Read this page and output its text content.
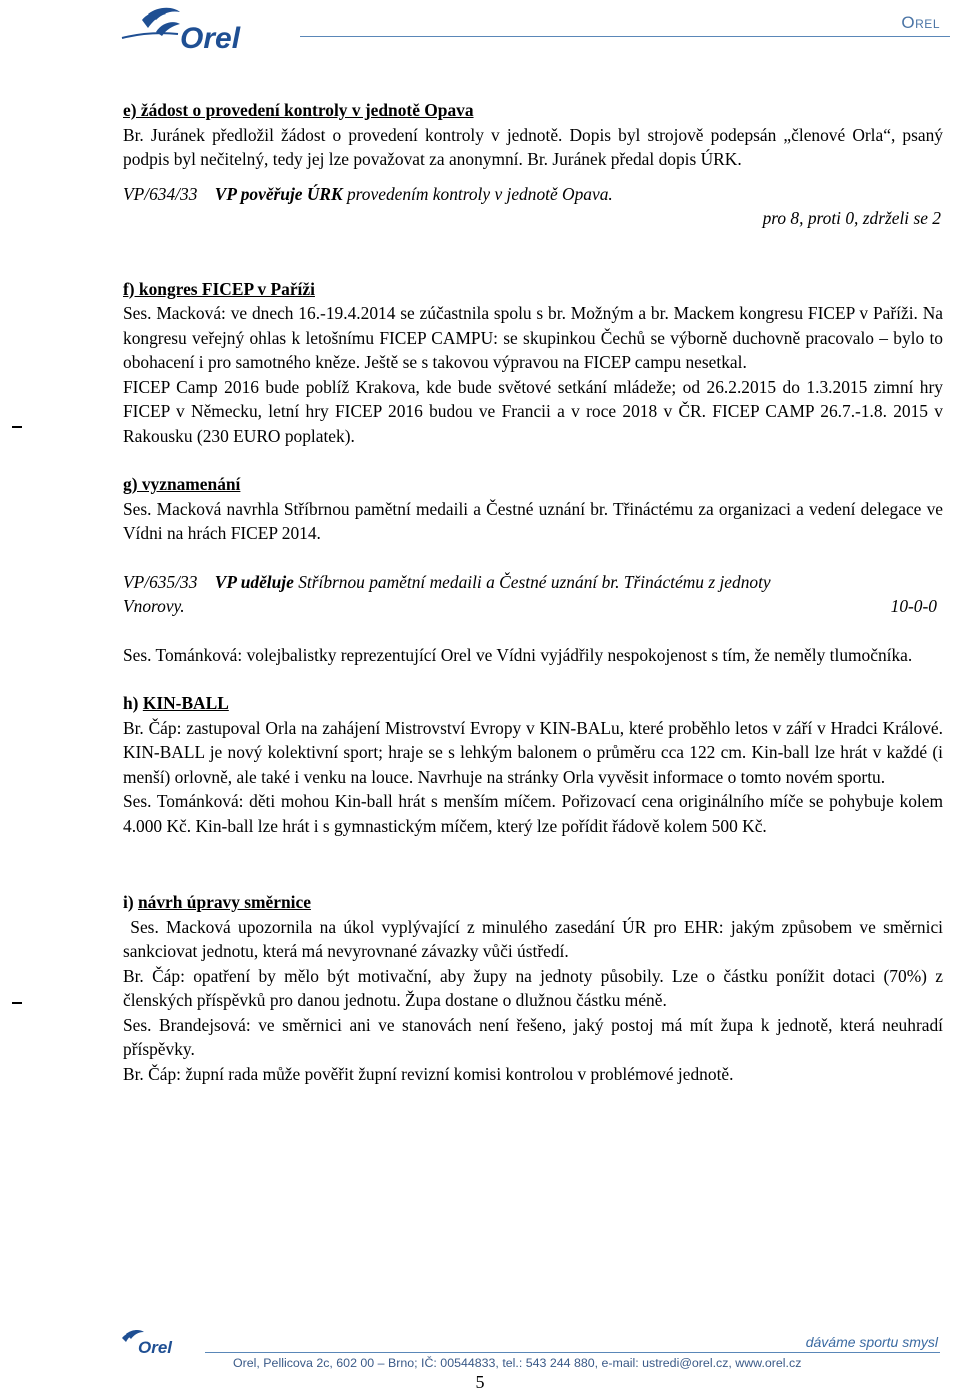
Orel	Orel

e) žádost o provedení kontroly v jednotě Opava

Br. Juránek předložil žádost o provedení kontroly v jednotě. Dopis byl strojově podepsán „členové Orla“, psaný podpis byl nečitelný, tedy jej lze považovat za anonymní. Br. Juránek předal dopis ÚRK.

VP/634/33 VP pověřuje ÚRK provedením kontroly v jednotě Opava.

pro 8, proti 0, zdrželi se 2

f) kongres FICEP v Paříži

Ses. Macková: ve dnech 16.-19.4.2014 se zúčastnila spolu s br. Možným a br. Mackem kongresu FICEP v Paříži. Na kongresu veřejný ohlas k letošnímu FICEP CAMPU: se skupinkou Čechů se výborně duchovně pracovalo – bylo to obohacení i pro samotného kněze. Ještě se s takovou výpravou na FICEP campu nesetkal.

FICEP Camp 2016 bude poblíž Krakova, kde bude světové setkání mládeže; od 26.2.2015 do 1.3.2015 zimní hry FICEP v Německu, letní hry FICEP 2016 budou ve Francii a v roce 2018 v ČR. FICEP CAMP 26.7.-1.8. 2015 v Rakousku (230 EURO poplatek).

g) vyznamenání

Ses. Macková navrhla Stříbrnou pamětní medaili a Čestné uznání br. Třináctému za organizaci a vedení delegace ve Vídni na hrách FICEP 2014.

VP/635/33 VP uděluje Stříbrnou pamětní medaili a Čestné uznání br. Třináctému z jednoty

Vnorovy.	10-0-0

Ses. Tománková: volejbalistky reprezentující Orel ve Vídni vyjádřily nespokojenost s tím, že neměly tlumočníka.

h) KIN-BALL

Br. Čáp: zastupoval Orla na zahájení Mistrovství Evropy v KIN-BALu, které proběhlo letos v září v Hradci Králové. KIN-BALL je nový kolektivní sport; hraje se s lehkým balonem o průměru cca 122 cm. Kin-ball lze hrát v každé (i menší) orlovně, ale také i venku na louce. Navrhuje na stránky Orla vyvěsit informace o tomto novém sportu.

Ses. Tománková: děti mohou Kin-ball hrát s menším míčem. Pořizovací cena originálního míče se pohybuje kolem 4.000 Kč. Kin-ball lze hrát i s gymnastickým míčem, který lze pořídit řádově kolem 500 Kč.

i) návrh úpravy směrnice

Ses. Macková upozornila na úkol vyplývající z minulého zasedání ÚR pro EHR: jakým způsobem ve směrnici sankciovat jednotu, která má nevyrovnané závazky vůči ústředí.

Br. Čáp: opatření by mělo být motivační, aby župy na jednoty působily. Lze o částku ponížit dotaci (70%) z členských příspěvků pro danou jednotu. Župa dostane o dlužnou částku méně.

Ses. Brandejsová: ve směrnici ani ve stanovách není řešeno, jaký postoj má mít župa k jednotě, která neuhradí příspěvky.

Br. Čáp: župní rada může pověřit župní revizní komisi kontrolou v problémové jednotě.

Orel	dáváme sportu smysl
Orel, Pellicova 2c, 602 00 – Brno; IČ: 00544833, tel.: 543 244 880, e-mail: ustredi@orel.cz, www.orel.cz
5
